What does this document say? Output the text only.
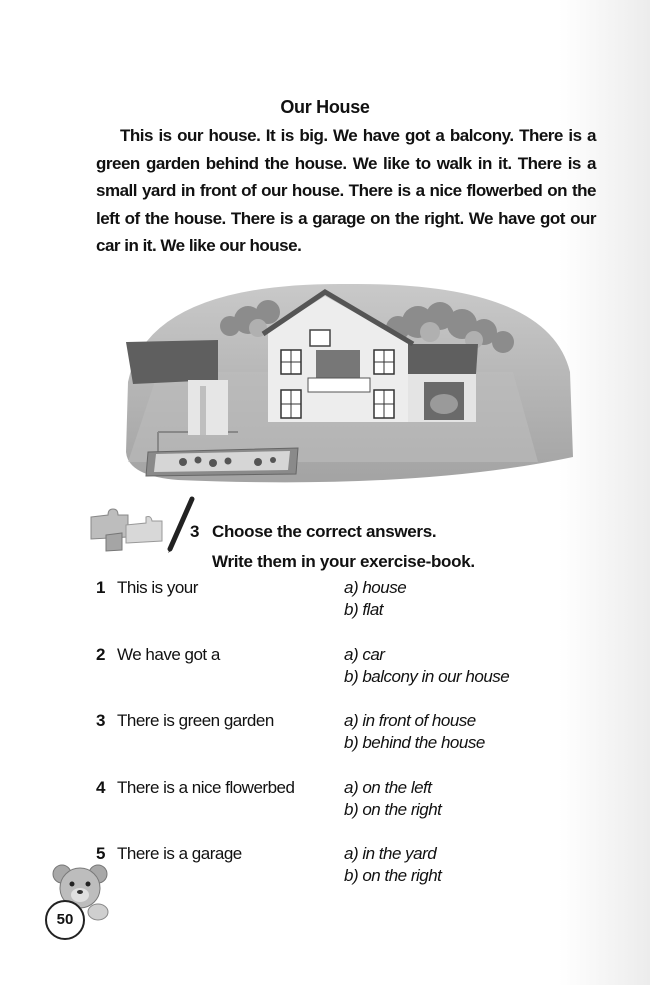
Our House

This is our house. It is big. We have got a balcony. There is a green garden behind the house. We like to walk in it. There is a small yard in front of our house. There is a nice flowerbed on the left of the house. There is a garage on the right. We have got our car in it. We like our house.

3 Choose the correct answers.
Write them in your exercise-book.
1 This is your	a) house
b) flat
2 We have got a	a) car
b) balcony in our house
3 There is green garden	a) in front of house
b) behind the house
4 There is a nice flowerbed	a) on the left
b) on the right
5 There is a garage	a) in the yard
b) on the right
50
